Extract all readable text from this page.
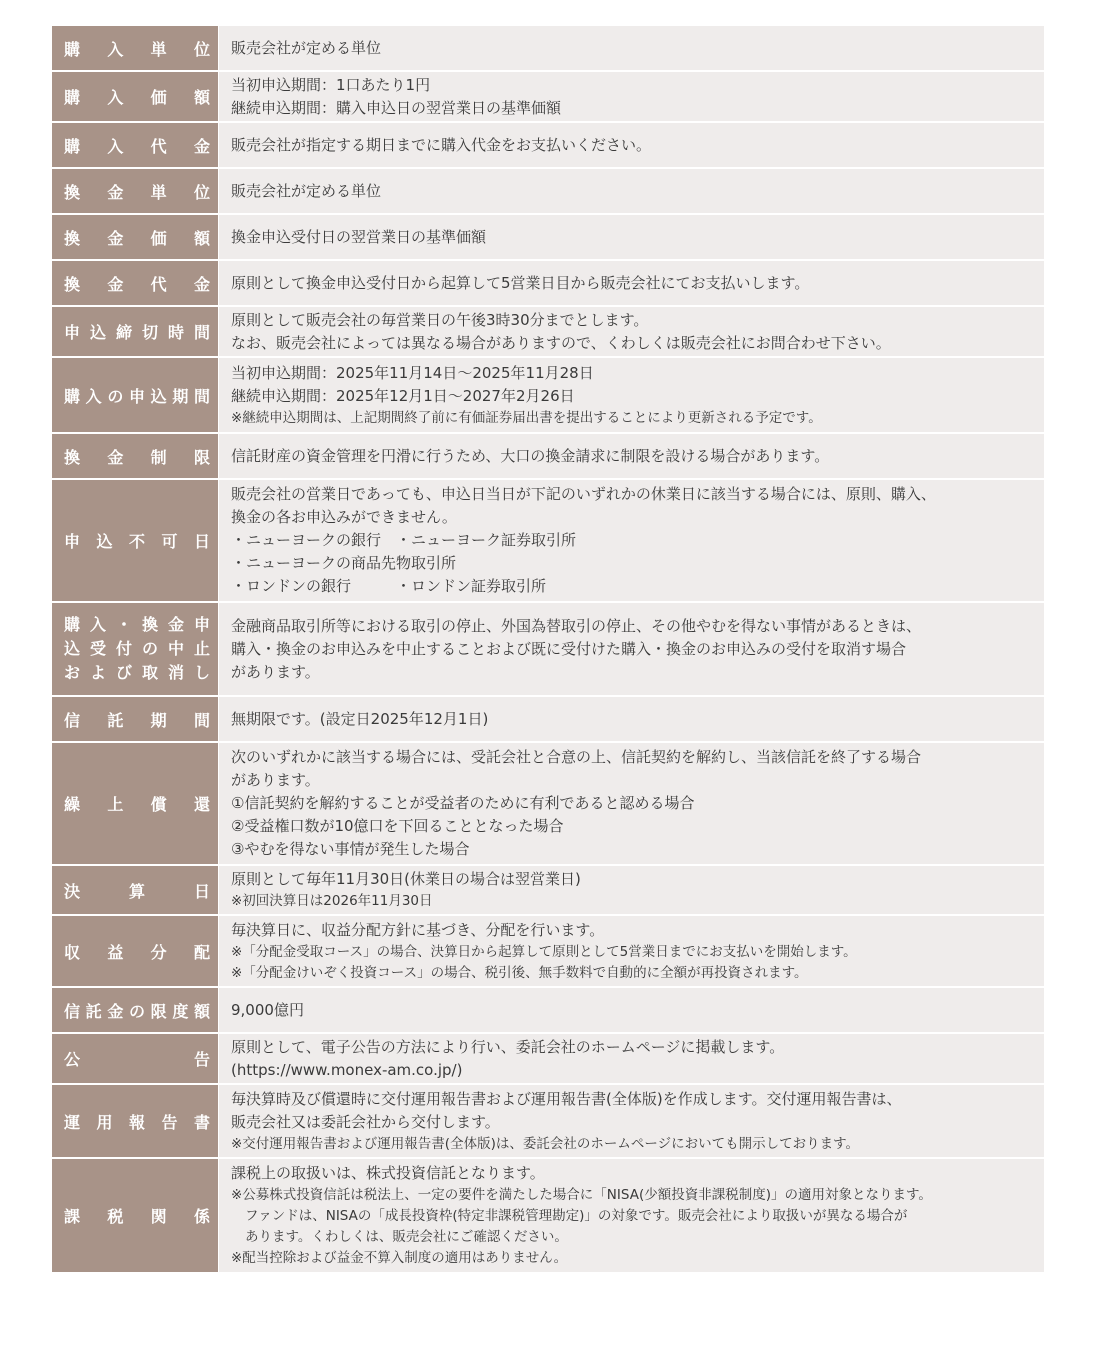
購入単位 販売会社が定める単位
購入価額
当初申込期間：1口あたり1円
継続申込期間：購入申込日の翌営業日の基準価額
購入代金 販売会社が指定する期日までに購入代金をお支払いください。
換金単位 販売会社が定める単位
換金価額 換金申込受付日の翌営業日の基準価額
換金代金 原則として換金申込受付日から起算して5営業日目から販売会社にてお支払いします。
申込締切時間
原則として販売会社の毎営業日の午後3時30分までとします。
なお、販売会社によっては異なる場合がありますので、くわしくは販売会社にお問合わせ下さい。
購入の申込期間
当初申込期間：2025年11月14日～2025年11月28日
継続申込期間：2025年12月1日～2027年2月26日
※継続申込期間は、上記期間終了前に有価証券届出書を提出することにより更新される予定です。
換金制限 信託財産の資金管理を円滑に行うため、大口の換金請求に制限を設ける場合があります。
申込不可日
販売会社の営業日であっても、申込日当日が下記のいずれかの休業日に該当する場合には、原則、購入、
換金の各お申込みができません。
・ニューヨークの銀行　・ニューヨーク証券取引所
・ニューヨークの商品先物取引所
・ロンドンの銀行　　　・ロンドン証券取引所
購入・換金申
込受付の中止
および取消し
金融商品取引所等における取引の停止、外国為替取引の停止、その他やむを得ない事情があるときは、
購入・換金のお申込みを中止することおよび既に受付けた購入・換金のお申込みの受付を取消す場合
があります。
信託期間 無期限です。(設定日2025年12月1日)
繰上償還
次のいずれかに該当する場合には、受託会社と合意の上、信託契約を解約し、当該信託を終了する場合
があります。
①信託契約を解約することが受益者のために有利であると認める場合
②受益権口数が10億口を下回ることとなった場合
③やむを得ない事情が発生した場合
決算日
原則として毎年11月30日(休業日の場合は翌営業日)
※初回決算日は2026年11月30日
収益分配
毎決算日に、収益分配方針に基づき、分配を行います。
※「分配金受取コース」の場合、決算日から起算して原則として5営業日までにお支払いを開始します。
※「分配金けいぞく投資コース」の場合、税引後、無手数料で自動的に全額が再投資されます。
信託金の限度額 9,000億円
公告
原則として、電子公告の方法により行い、委託会社のホームページに掲載します。
(https://www.monex-am.co.jp/)
運用報告書
毎決算時及び償還時に交付運用報告書および運用報告書(全体版)を作成します。交付運用報告書は、
販売会社又は委託会社から交付します。
※交付運用報告書および運用報告書(全体版)は、委託会社のホームページにおいても開示しております。
課税関係
課税上の取扱いは、株式投資信託となります。
※公募株式投資信託は税法上、一定の要件を満たした場合に「NISA(少額投資非課税制度)」の適用対象となります。
ファンドは、NISAの「成長投資枠(特定非課税管理勘定)」の対象です。販売会社により取扱いが異なる場合が
あります。くわしくは、販売会社にご確認ください。
※配当控除および益金不算入制度の適用はありません。
